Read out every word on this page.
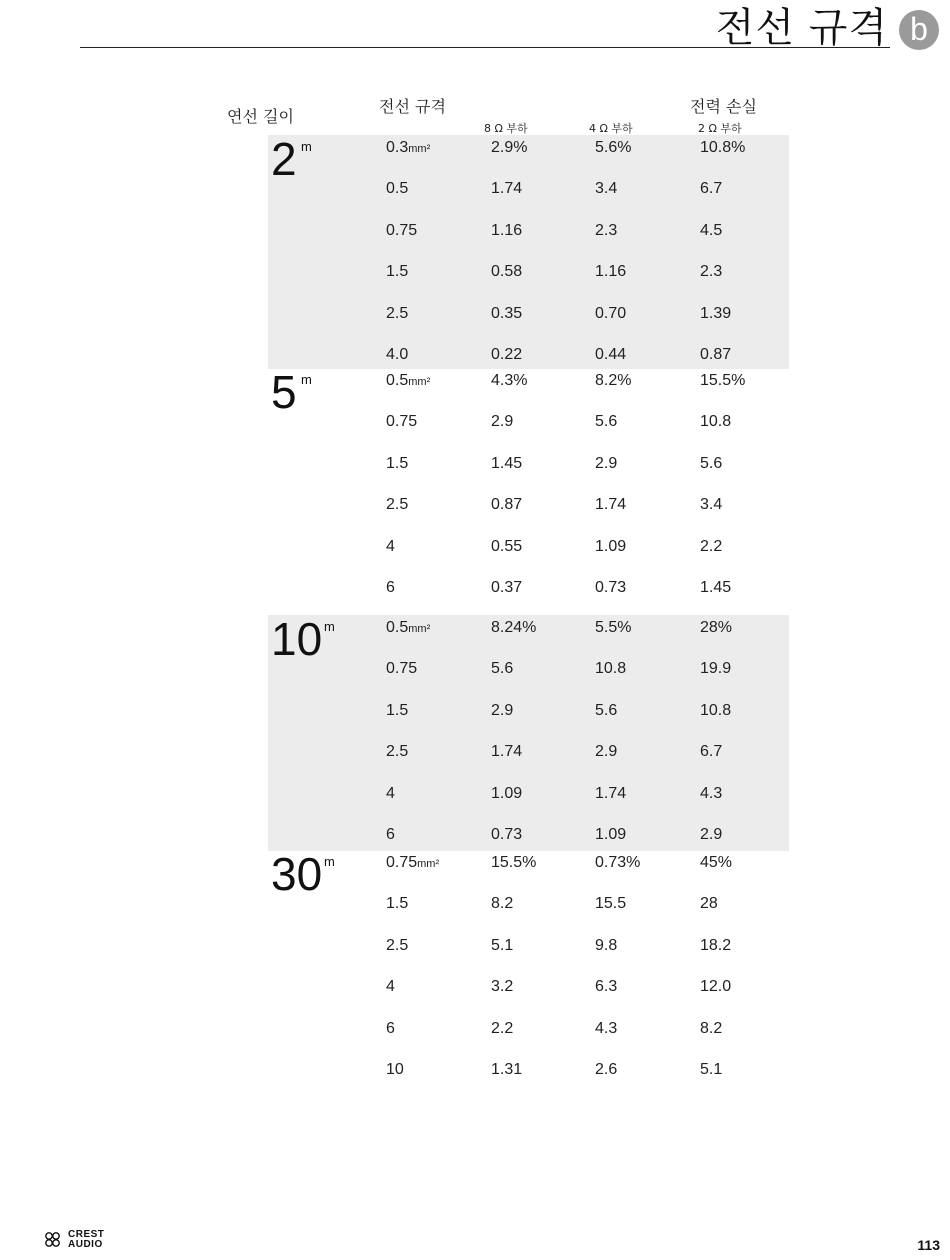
전선 규격 b
연선 길이
전선 규격	전력 손실
8 Ω 부하	4 Ω 부하	2 Ω 부하
2 m	0.3mm²	2.9%	5.6%	10.8%
0.5	1.74	3.4	6.7
0.75	1.16	2.3	4.5
1.5	0.58	1.16	2.3
2.5	0.35	0.70	1.39
4.0	0.22	0.44	0.87
5 m	0.5mm²	4.3%	8.2%	15.5%
0.75	2.9	5.6	10.8
1.5	1.45	2.9	5.6
2.5	0.87	1.74	3.4
4	0.55	1.09	2.2
6	0.37	0.73	1.45
10 m	0.5mm²	8.24%	5.5%	28%
0.75	5.6	10.8	19.9
1.5	2.9	5.6	10.8
2.5	1.74	2.9	6.7
4	1.09	1.74	4.3
6	0.73	1.09	2.9
30 m	0.75mm²	15.5%	0.73%	45%
1.5	8.2	15.5	28
2.5	5.1	9.8	18.2
4	3.2	6.3	12.0
6	2.2	4.3	8.2
10	1.31	2.6	5.1
CREST
AUDIO	113
